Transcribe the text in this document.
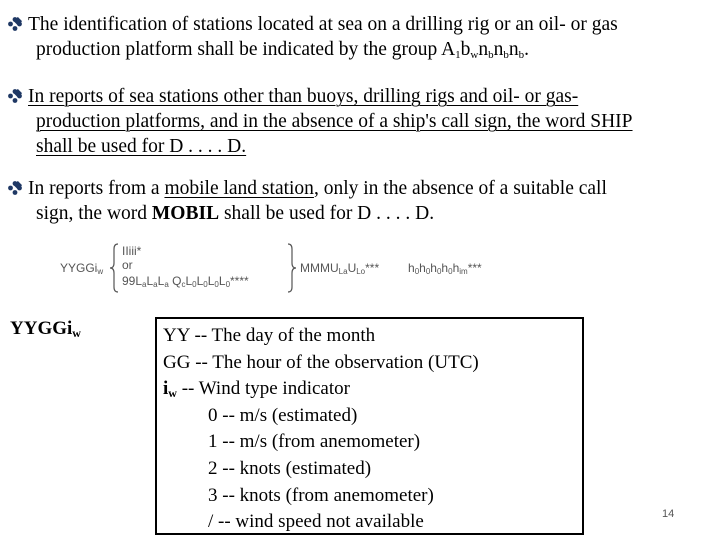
The identification of stations located at sea on a drilling rig or an oil- or gas
production platform shall be indicated by the group $A_1b_wn_bn_bn_b$.
In reports of sea stations other than buoys, drilling rigs and oil- or gas-
production platforms, and in the absence of a ship's call sign, the word SHIP
shall be used for D . . . . D.
In reports from a mobile land station, only in the absence of a suitable call
sign, the word MOBIL shall be used for D . . . . D.
YYGGi$_w$
IIiii*
or
$99L_aL_aL_a$ $Q_cL_0L_0L_0L_0****$
$MMMU_{La}U_{Lo}***$ $h_0h_0h_0h_0h_{im}***$
YYGGi$_w$	YY -- The day of the month
GG -- The hour of the observation (UTC)
$i_w$ -- Wind type indicator
0 -- m/s (estimated)
1 -- m/s (from anemometer)
2 -- knots (estimated)
3 -- knots (from anemometer)
/ -- wind speed not available	14
